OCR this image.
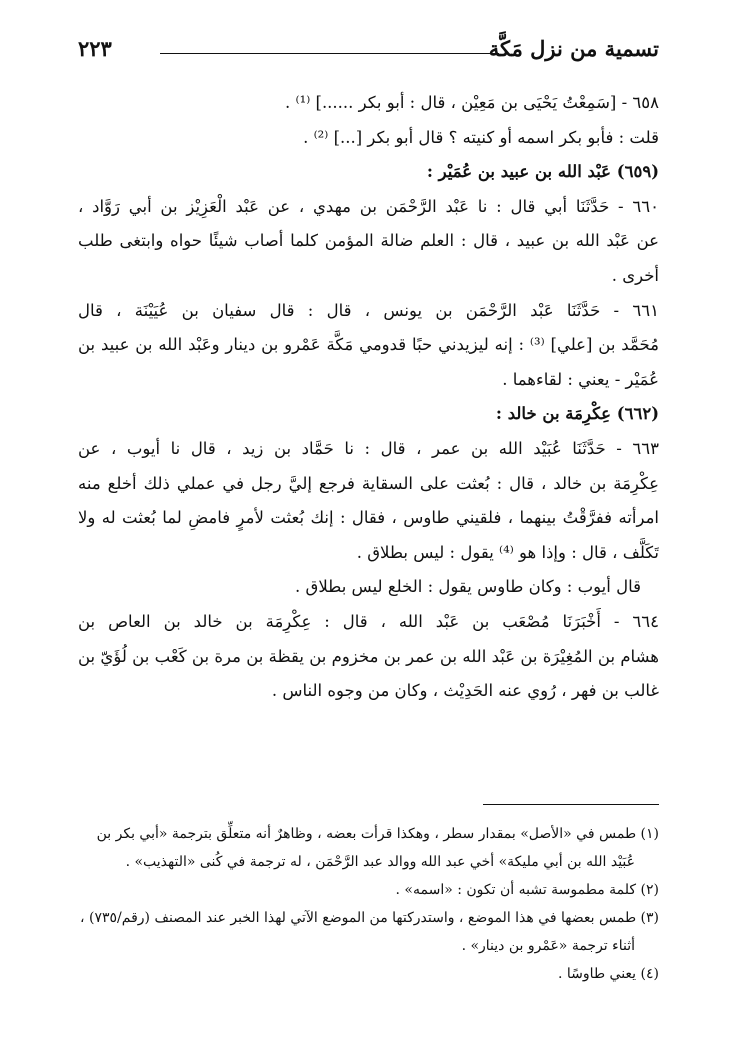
تسمية من نزل مَكَّة
٢٢٣
٦٥٨ - [سَمِعْتُ يَحْيَى بن مَعِيْن ، قال : أبو بكر ......] ⁽¹⁾ .
قلت : فأبو بكر اسمه أو كنيته ؟ قال أبو بكر [...] ⁽²⁾ .
(٦٥٩) عَبْد الله بن عبيد بن عُمَيْر :
٦٦٠ - حَدَّثَنَا أبي قال : نا عَبْد الرَّحْمَن بن مهدي ، عن عَبْد الْعَزِيْز بن أبي رَوَّاد ،
عن عَبْد الله بن عبيد ، قال : العلم ضالة المؤمن كلما أصاب شيئًا حواه وابتغى طلب
أخرى .
٦٦١ - حَدَّثَنَا عَبْد الرَّحْمَن بن يونس ، قال : قال سفيان بن عُيَيْنَة ، قال
مُحَمَّد بن [علي] ⁽³⁾ : إنه ليزيدني حبًا قدومي مَكَّة عَمْرو بن دينار وعَبْد الله بن عبيد بن
عُمَيْر - يعني : لقاءهما .
(٦٦٢) عِكْرِمَة بن خالد :
٦٦٣ - حَدَّثَنَا عُبَيْد الله بن عمر ، قال : نا حَمَّاد بن زيد ، قال نا أيوب ، عن
عِكْرِمَة بن خالد ، قال : بُعثت على السقاية فرجع إليَّ رجل في عملي ذلك أخلع منه
امرأته ففرَّقْتُ بينهما ، فلقيني طاوس ، فقال : إنك بُعثت لأمرٍ فامضِ لما بُعثت له ولا
تَكَلَّف ، قال : وإذا هو ⁽⁴⁾ يقول : ليس بطلاق .
قال أيوب : وكان طاوس يقول : الخلع ليس بطلاق .
٦٦٤ - أَخْبَرَنَا مُصْعَب بن عَبْد الله ، قال : عِكْرِمَة بن خالد بن العاص بن
هشام بن المُغِيْرَة بن عَبْد الله بن عمر بن مخزوم بن يقظة بن مرة بن كَعْب بن لُؤَيّ بن
غالب بن فهر ، رُوي عنه الحَدِيْث ، وكان من وجوه الناس .
(١) طمس في «الأصل» بمقدار سطر ، وهكذا قرأت بعضه ، وظاهرٌ أنه متعلِّق بترجمة «أبي بكر بن
عُبَيْد الله بن أبي مليكة» أخي عبد الله ووالد عبد الرَّحْمَن ، له ترجمة في كُنى «التهذيب» .
(٢) كلمة مطموسة تشبه أن تكون : «اسمه» .
(٣) طمس بعضها في هذا الموضع ، واستدركتها من الموضع الآتي لهذا الخبر عند المصنف (رقم/٧٣٥) ،
أثناء ترجمة «عَمْرو بن دينار» .
(٤) يعني طاوسًا .
